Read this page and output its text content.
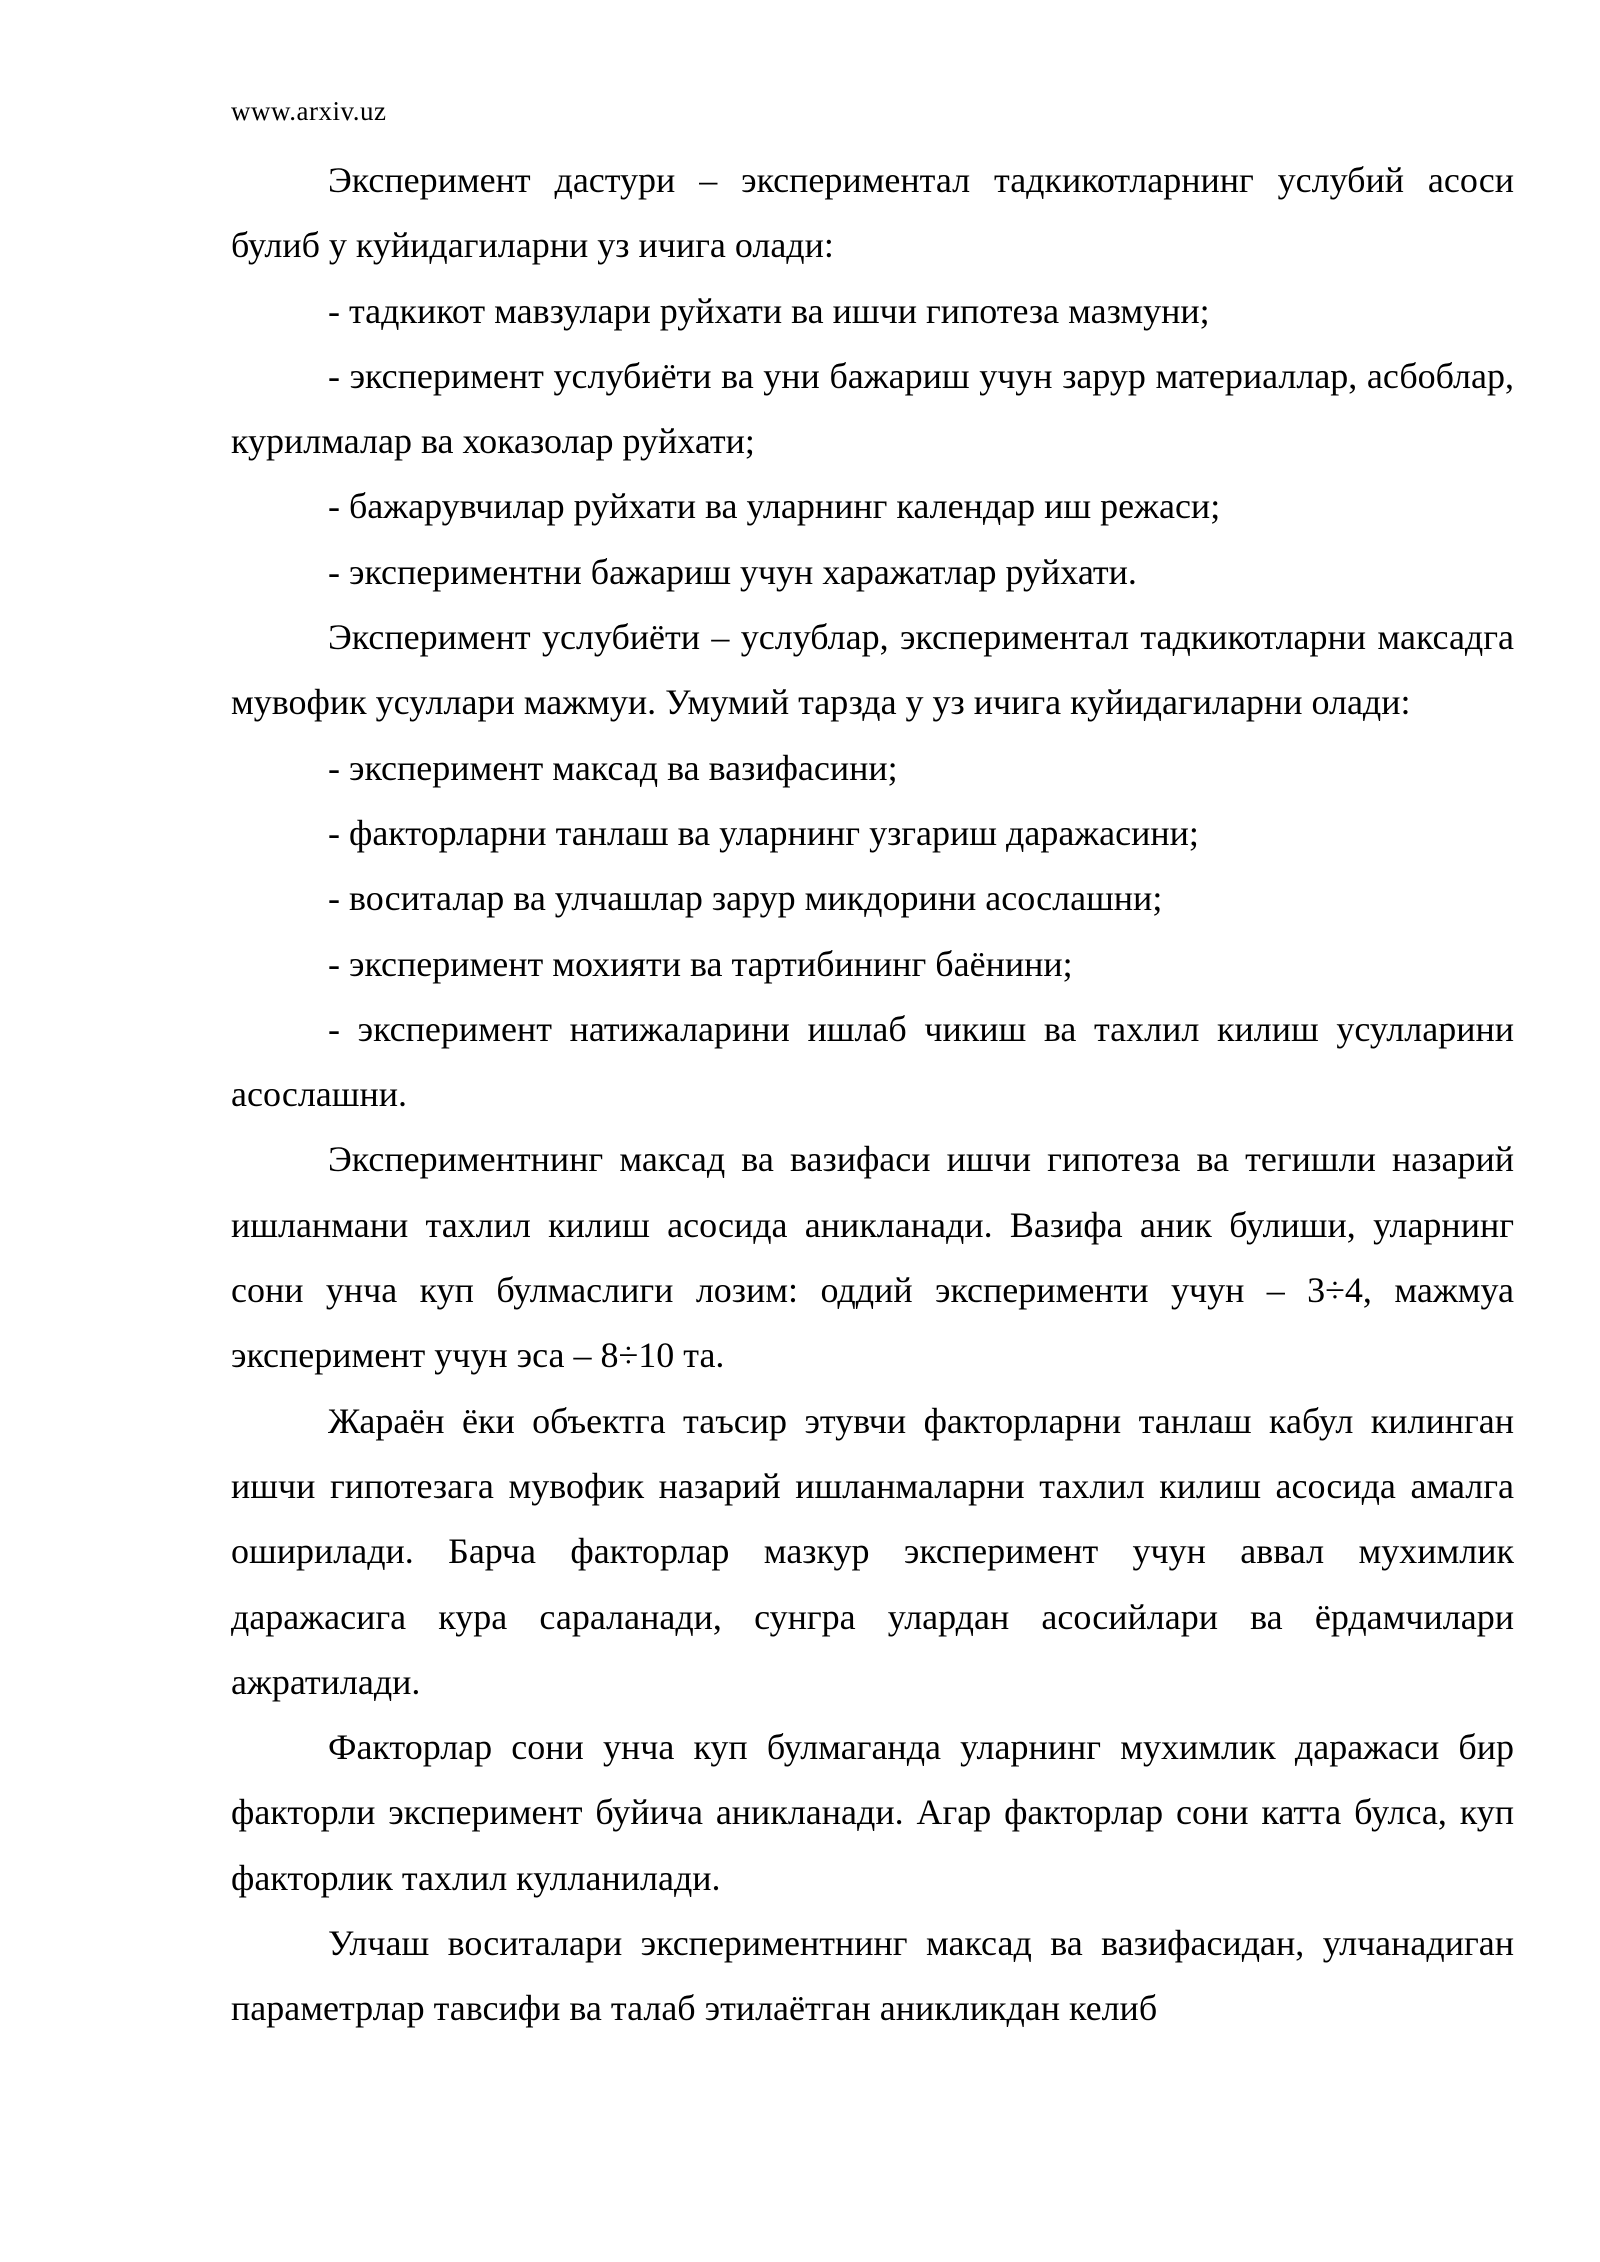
www.arxiv.uz

Эксперимент дастури – экспериментал тадкикотларнинг услубий асоси булиб у куйидагиларни уз ичига олади:

- тадкикот мавзулари руйхати ва ишчи гипотеза мазмуни;

- эксперимент услубиёти ва уни бажариш учун зарур материаллар, асбоблар, курилмалар ва хоказолар руйхати;

- бажарувчилар руйхати ва уларнинг календар иш режаси;

- экспериментни бажариш учун харажатлар руйхати.

Эксперимент услубиёти – услублар, экспериментал тадкикотларни максадга мувофик усуллари мажмуи. Умумий тарзда у уз ичига куйидагиларни олади:

- эксперимент максад ва вазифасини;

- факторларни танлаш ва уларнинг узгариш даражасини;

- воситалар ва улчашлар зарур микдорини асослашни;

- эксперимент мохияти ва тартибининг баёнини;

- эксперимент натижаларини ишлаб чикиш ва тахлил килиш усулларини асослашни.

Экспериментнинг максад ва вазифаси ишчи гипотеза ва тегишли назарий ишланмани тахлил килиш асосида аникланади. Вазифа аник булиши, уларнинг сони унча куп булмаслиги лозим: оддий эксперименти учун – 3÷4, мажмуа эксперимент учун эса – 8÷10 та.

Жараён ёки объектга таъсир этувчи факторларни танлаш кабул килинган ишчи гипотезага мувофик назарий ишланмаларни тахлил килиш асосида амалга оширилади. Барча факторлар мазкур эксперимент учун аввал мухимлик даражасига кура сараланади, сунгра улардан асосийлари ва ёрдамчилари ажратилади.

Факторлар сони унча куп булмаганда уларнинг мухимлик даражаси бир факторли эксперимент буйича аникланади. Агар факторлар сони катта булса, куп факторлик тахлил кулланилади.

Улчаш воситалари экспериментнинг максад ва вазифасидан, улчанадиган параметрлар тавсифи ва талаб этилаётган аникликдан келиб
